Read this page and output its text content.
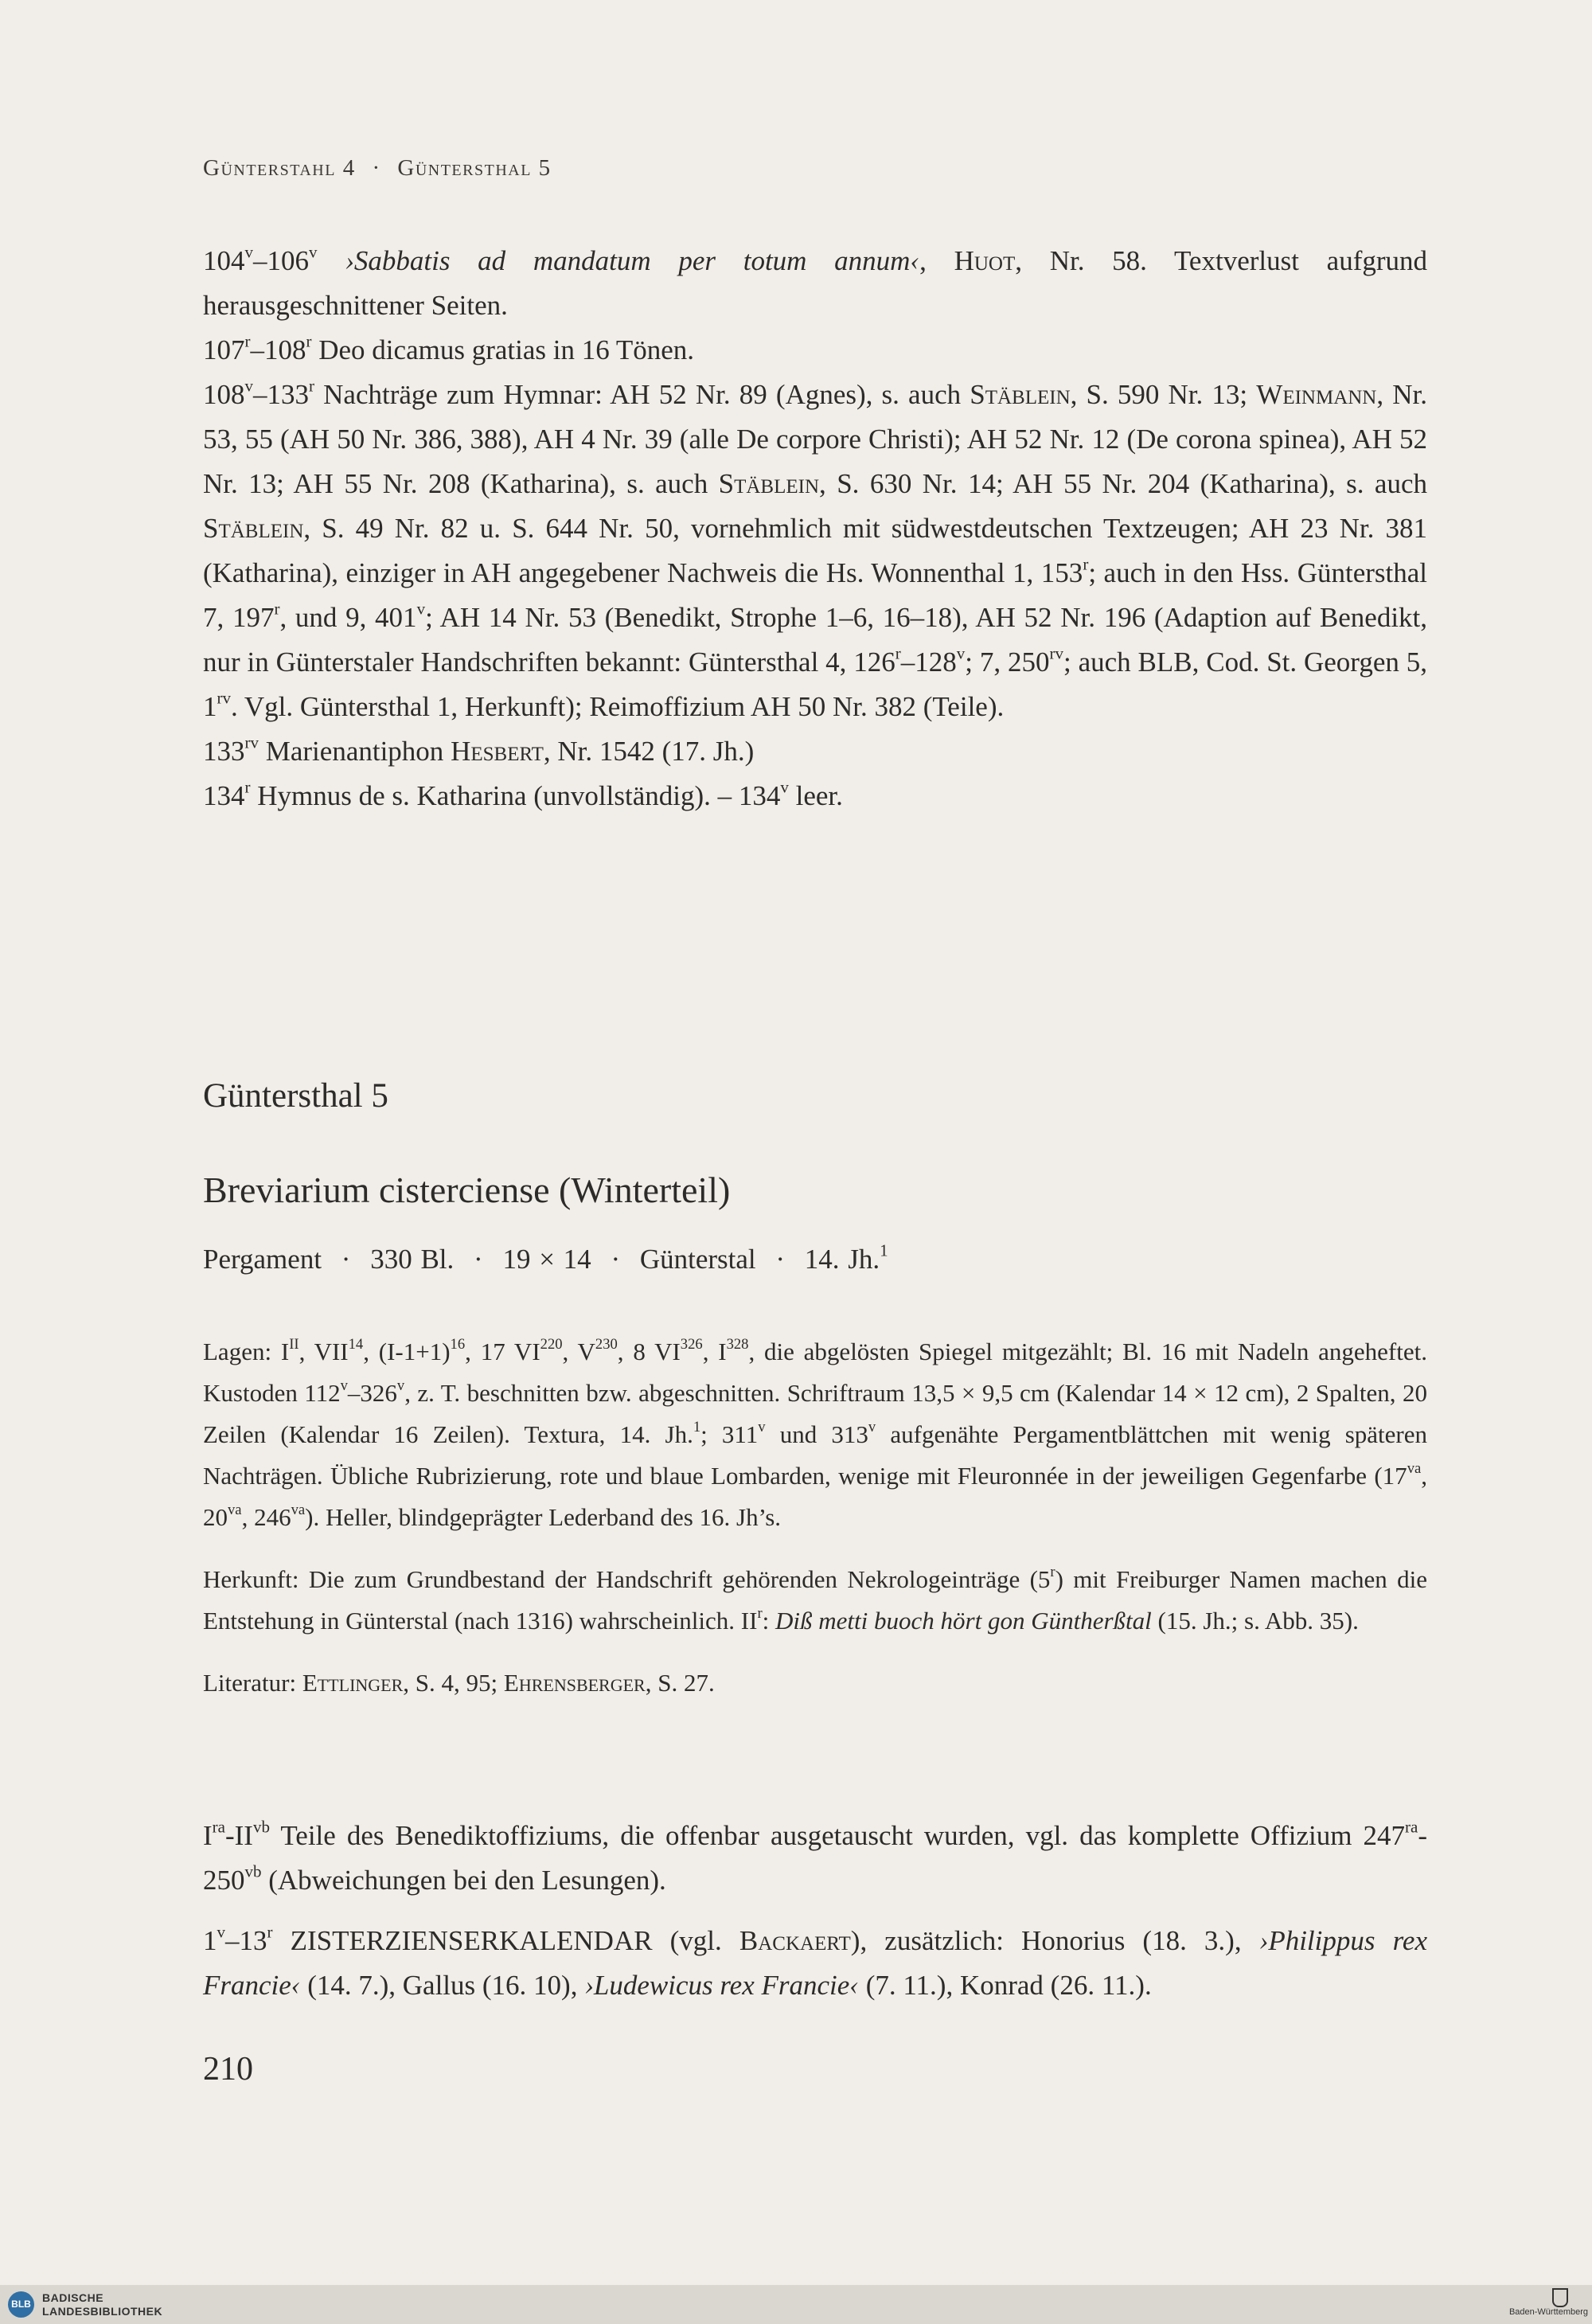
Günterstahl 4 · Güntersthal 5

104$^v$–106$^v$ ›Sabbatis ad mandatum per totum annum‹, Huot, Nr. 58. Textverlust aufgrund herausgeschnittener Seiten.

107$^r$–108$^r$ Deo dicamus gratias in 16 Tönen.

108$^v$–133$^r$ Nachträge zum Hymnar: AH 52 Nr. 89 (Agnes), s. auch Stäblein, S. 590 Nr. 13; Weinmann, Nr. 53, 55 (AH 50 Nr. 386, 388), AH 4 Nr. 39 (alle De corpore Christi); AH 52 Nr. 12 (De corona spinea), AH 52 Nr. 13; AH 55 Nr. 208 (Katharina), s. auch Stäblein, S. 630 Nr. 14; AH 55 Nr. 204 (Katharina), s. auch Stäblein, S. 49 Nr. 82 u. S. 644 Nr. 50, vornehmlich mit südwestdeutschen Textzeugen; AH 23 Nr. 381 (Katharina), einziger in AH angegebener Nachweis die Hs. Wonnenthal 1, 153$^r$; auch in den Hss. Güntersthal 7, 197$^r$, und 9, 401$^v$; AH 14 Nr. 53 (Benedikt, Strophe 1–6, 16–18), AH 52 Nr. 196 (Adaption auf Benedikt, nur in Günterstaler Handschriften bekannt: Güntersthal 4, 126$^r$–128$^v$; 7, $250^{rv}$; auch BLB, Cod. St. Georgen 5, $1^{rv}$. Vgl. Güntersthal 1, Herkunft); Reimoffizium AH 50 Nr. 382 (Teile).

$133^{rv}$ Marienantiphon Hesbert, Nr. 1542 (17. Jh.)

134$^r$ Hymnus de s. Katharina (unvollständig). – 134$^v$ leer.

Güntersthal 5
Breviarium cisterciense (Winterteil)
Pergament · 330 Bl. · 19 × 14 · Günterstal · 14. Jh.$^1$

Lagen: $I^{II}$, VII$^{14}$, $(I-1+1)^{16}$, 17 VI$^{220}$, $V^{230}$, 8 VI$^{326}$, $I^{328}$, die abgelösten Spiegel mitgezählt; Bl. 16 mit Nadeln angeheftet. Kustoden 112$^v$–326$^v$, z. T. beschnitten bzw. abgeschnitten. Schriftraum 13,5 × 9,5 cm (Kalendar 14 × 12 cm), 2 Spalten, 20 Zeilen (Kalendar 16 Zeilen). Textura, 14. Jh.$^1$; 311$^v$ und 313$^v$ aufgenähte Pergamentblättchen mit wenig späteren Nachträgen. Übliche Rubrizierung, rote und blaue Lombarden, wenige mit Fleuronnée in der jeweiligen Gegenfarbe ($17^{va}$, $20^{va}$, $246^{va}$). Heller, blindgeprägter Lederband des 16. Jh’s.

Herkunft: Die zum Grundbestand der Handschrift gehörenden Nekrologeinträge (5$^r$) mit Freiburger Namen machen die Entstehung in Günterstal (nach 1316) wahrscheinlich. $II^r$: Diß metti buoch hört gon Güntherßtal (15. Jh.; s. Abb. 35).

Literatur: Ettlinger, S. 4, 95; Ehrensberger, S. 27.

$I^{ra}-II^{vb}$ Teile des Benediktoffiziums, die offenbar ausgetauscht wurden, vgl. das komplette Offizium $247^{ra}-250^{vb}$ (Abweichungen bei den Lesungen).

1$^v$–13$^r$ ZISTERZIENSERKALENDAR (vgl. Backaert), zusätzlich: Honorius (18. 3.), ›Philippus rex Francie‹ (14. 7.), Gallus (16. 10), ›Ludewicus rex Francie‹ (7. 11.), Konrad (26. 11.).

210
BLB BADISCHE
LANDESBIBLIOTHEK	Baden-Württemberg
